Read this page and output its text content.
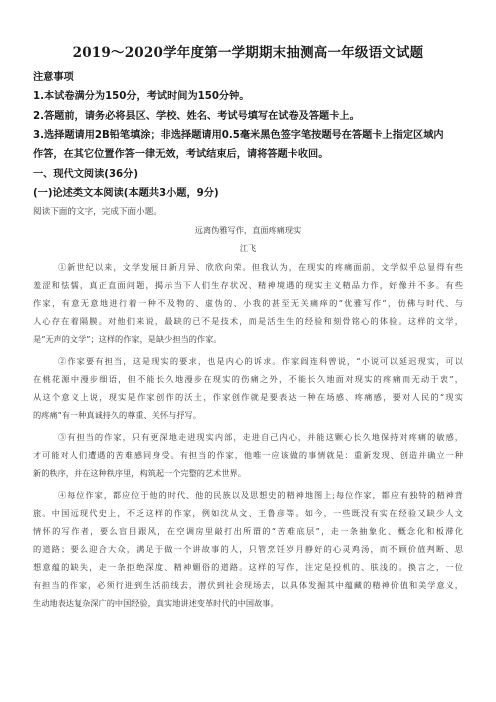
2019～2020学年度第一学期期末抽测高一年级语文试题
注意事项
1.本试卷满分为150分，考试时间为150分钟。
2.答题前，请务必将县区、学校、姓名、考试号填写在试卷及答题卡上。
3.选择题请用2B铅笔填涂；非选择题请用0.5毫米黑色签字笔按题号在答题卡上指定区域内
作答，在其它位置作答一律无效，考试结束后，请将答题卡收回。
一、现代文阅读(36分)
(一)论述类文本阅读(本题共3小题，9分)
阅读下面的文字，完成下面小题。
远离伪雅写作，直面疼痛现实
江飞
①新世纪以来，文学发展日新月异、欣欣向荣。但我认为，在现实的疼痛面前，文学似乎总显得有些
羞涩和怯懦，真正直面问题，揭示当下人们生存状况、精神境遇的现实主义精品力作，好像并不多。有些
作家，有意无意地进行着一种不及物的、虚伪的、小我的甚至无关痛痒的“优雅写作”，仿佛与时代、与
人心存在着隔膜。对他们来说，最缺的已不是技术，而是活生生的经验和刻骨铭心的体验。这样的文学，
是“无声的文学”；这样的作家，是缺少担当的作家。
②作家要有担当，这是现实的要求，也是内心的诉求。作家阎连科曾说，“小说可以延迟现实，可以
在桃花源中漫步细语，但不能长久地漫步在现实的伤痛之外，不能长久地面对现实的疼痛而无动于衷”，
从这个意义上说，现实是作家创作的沃土，作家创作就是要表达一种在场感、疼痛感，要对人民的“现实
的疼痛”有一种真诚持久的尊重、关怀与抒写。
③有担当的作家，只有更深地走进现实内部，走进自己内心，并能这颗心长久地保持对疼痛的敏感，
才可能对人们遭遇的苦难感同身受。有担当的作家，他唯一应该做的事情就是：重新发现、创造并确立一种
新的秩序，并在这种秩序里，构筑起一个完整的艺术世界。
④每位作家，都应位于他的时代、他的民族以及思想史的精神地图上;每位作家，都应有独特的精神背
旅。中国远现代史上，不乏这样的作家，例如沈从文、王鲁彦等。如今，一些既没有实在经验又缺少人文
情怀的写作者，要么盲目跟风，在空调房里敲打出所谓的“苦难底层”，走一条抽象化、概念化和板滞化
的道路；要么迎合大众，满足于做一个讲故事的人，只管烹饪岁月静好的心灵鸡汤，而不顾价值判断、思
想意蕴的缺失，走一条拒绝深度、精神媚俗的道路。这样的写作，注定是投机的、肤浅的。换言之，一位
有担当的作家，必须行进到生活前线去，潜伏到社会现场去，以具体发掘其中蕴藏的精神价值和美学意义，
生动地表达复杂深广的中国经验，真实地讲述变革时代的中国故事。
